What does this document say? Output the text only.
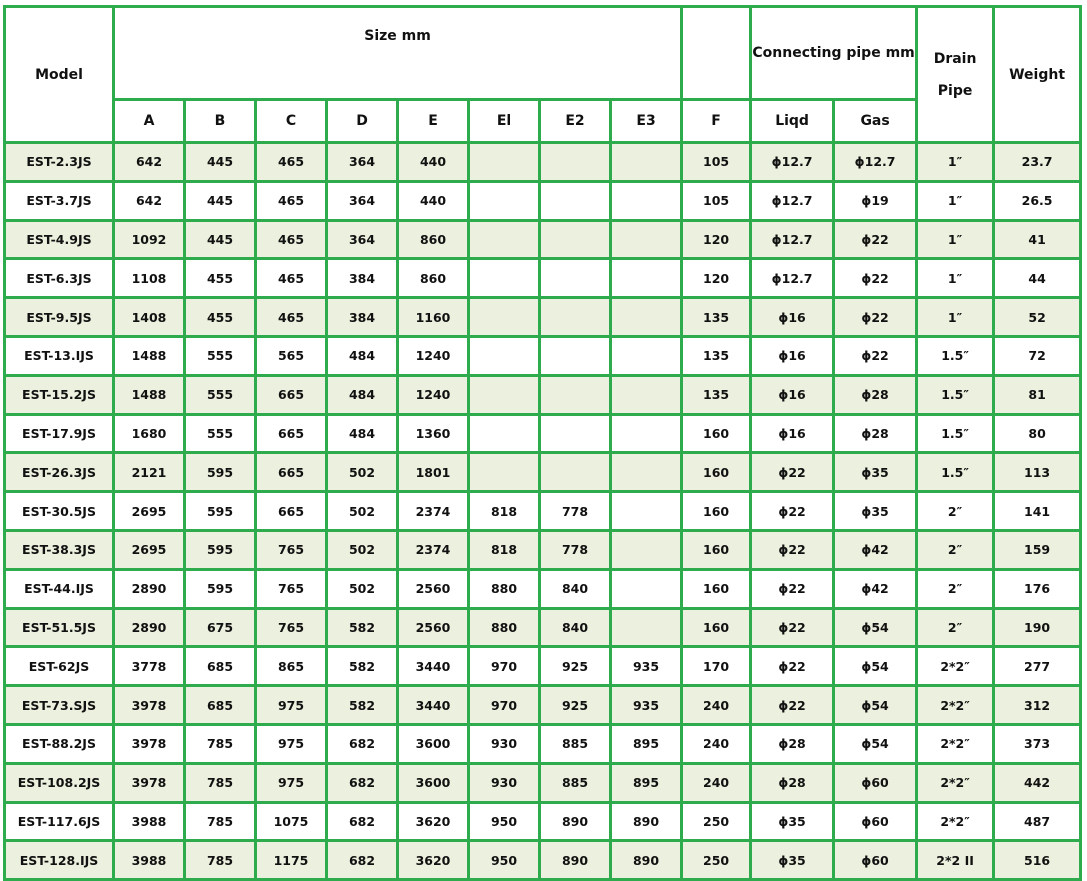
Model	Size mm									Connecting pipe mm		Drain Pipe	Weight
	A	B	C	D	E	El	E2	E3	F	Liqd	Gas		
EST-2.3JS	642	445	465	364	440				105	ϕ12.7	ϕ12.7	1″	23.7
EST-3.7JS	642	445	465	364	440				105	ϕ12.7	ϕ19	1″	26.5
EST-4.9JS	1092	445	465	364	860				120	ϕ12.7	ϕ22	1″	41
EST-6.3JS	1108	455	465	384	860				120	ϕ12.7	ϕ22	1″	44
EST-9.5JS	1408	455	465	384	1160				135	ϕ16	ϕ22	1″	52
EST-13.IJS	1488	555	565	484	1240				135	ϕ16	ϕ22	1.5″	72
EST-15.2JS	1488	555	665	484	1240				135	ϕ16	ϕ28	1.5″	81
EST-17.9JS	1680	555	665	484	1360				160	ϕ16	ϕ28	1.5″	80
EST-26.3JS	2121	595	665	502	1801				160	ϕ22	ϕ35	1.5″	113
EST-30.5JS	2695	595	665	502	2374	818	778		160	ϕ22	ϕ35	2″	141
EST-38.3JS	2695	595	765	502	2374	818	778		160	ϕ22	ϕ42	2″	159
EST-44.IJS	2890	595	765	502	2560	880	840		160	ϕ22	ϕ42	2″	176
EST-51.5JS	2890	675	765	582	2560	880	840		160	ϕ22	ϕ54	2″	190
EST-62JS	3778	685	865	582	3440	970	925	935	170	ϕ22	ϕ54	2*2″	277
EST-73.SJS	3978	685	975	582	3440	970	925	935	240	ϕ22	ϕ54	2*2″	312
EST-88.2JS	3978	785	975	682	3600	930	885	895	240	ϕ28	ϕ54	2*2″	373
EST-108.2JS	3978	785	975	682	3600	930	885	895	240	ϕ28	ϕ60	2*2″	442
EST-117.6JS	3988	785	1075	682	3620	950	890	890	250	ϕ35	ϕ60	2*2″	487
EST-128.IJS	3988	785	1175	682	3620	950	890	890	250	ϕ35	ϕ60	2*2 II	516
